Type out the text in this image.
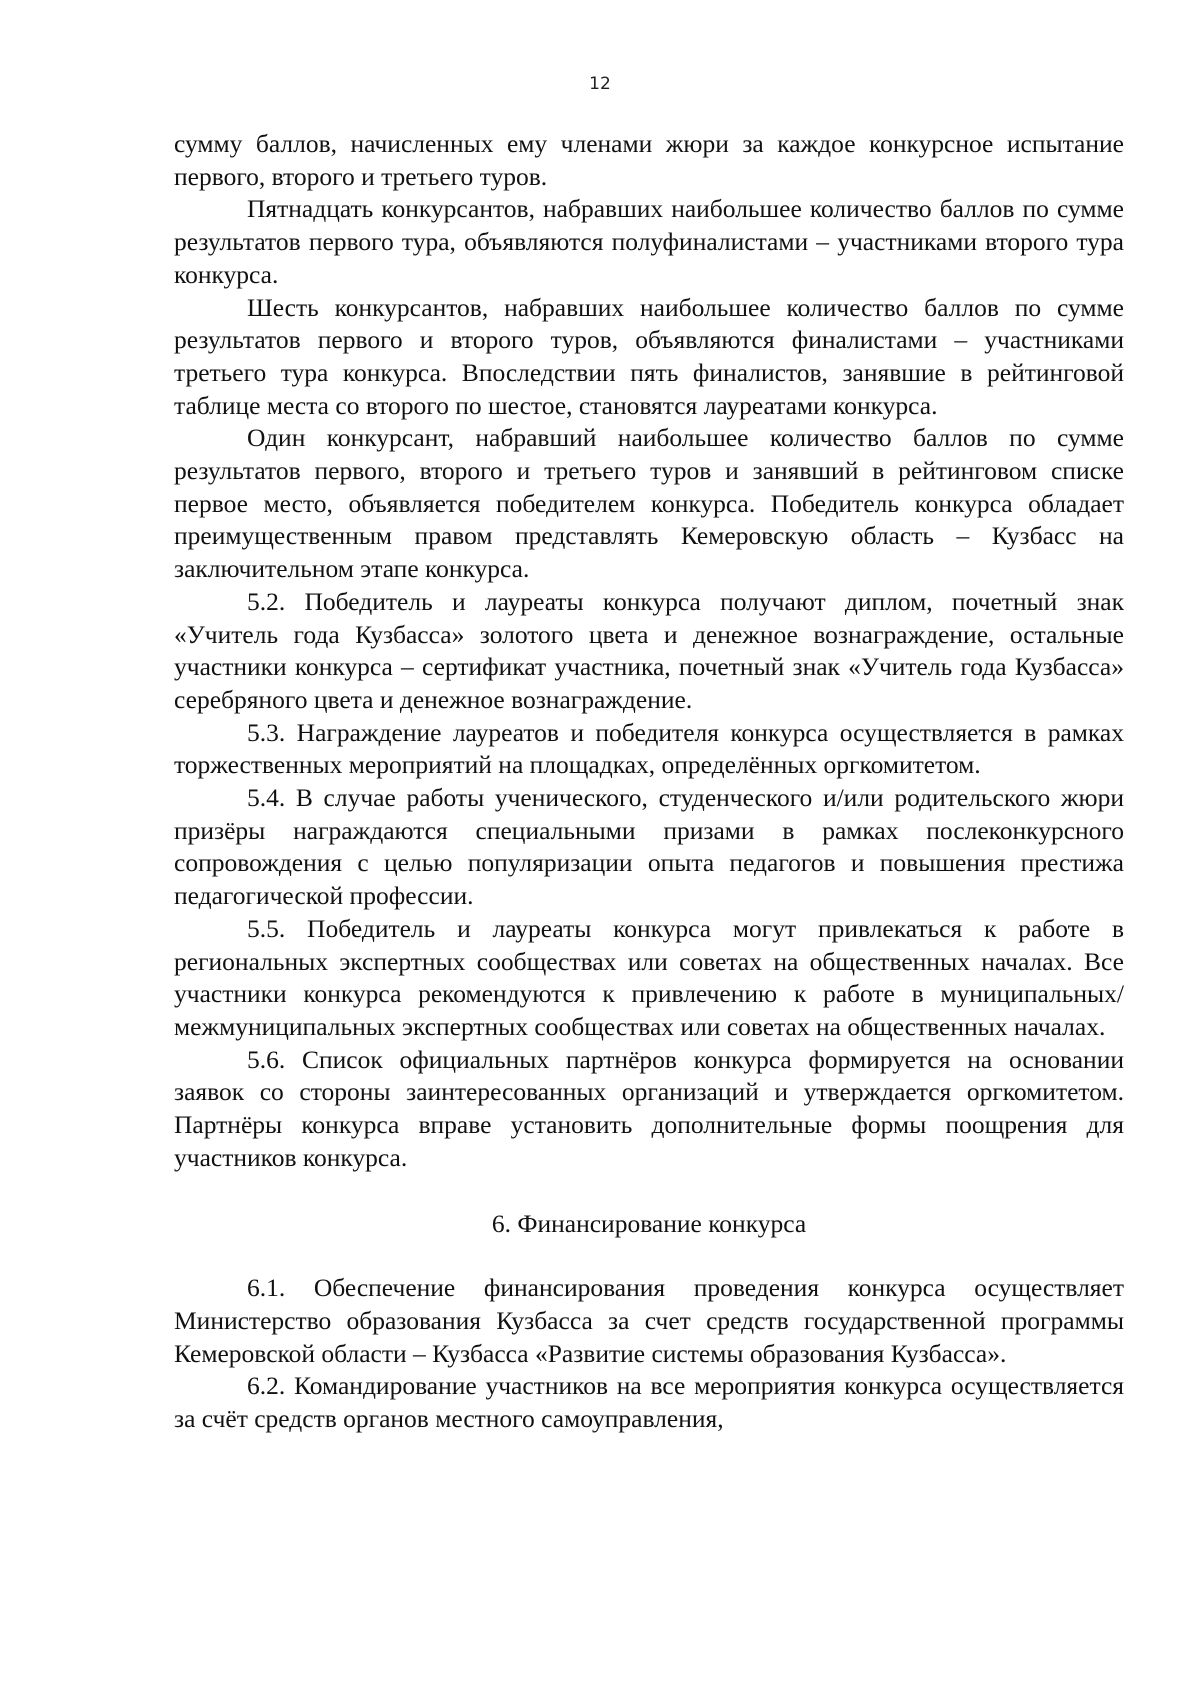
12

сумму баллов, начисленных ему членами жюри за каждое конкурсное испытание первого, второго и третьего туров.

Пятнадцать конкурсантов, набравших наибольшее количество баллов по сумме результатов первого тура, объявляются полуфиналистами – участниками второго тура конкурса.

Шесть конкурсантов, набравших наибольшее количество баллов по сумме результатов первого и второго туров, объявляются финалистами – участниками третьего тура конкурса. Впоследствии пять финалистов, занявшие в рейтинговой таблице места со второго по шестое, становятся лауреатами конкурса.

Один конкурсант, набравший наибольшее количество баллов по сумме результатов первого, второго и третьего туров и занявший в рейтинговом списке первое место, объявляется победителем конкурса. Победитель конкурса обладает преимущественным правом представлять Кемеровскую область – Кузбасс на заключительном этапе конкурса.

5.2. Победитель и лауреаты конкурса получают диплом, почетный знак «Учитель года Кузбасса» золотого цвета и денежное вознаграждение, остальные участники конкурса – сертификат участника, почетный знак «Учитель года Кузбасса» серебряного цвета и денежное вознаграждение.

5.3. Награждение лауреатов и победителя конкурса осуществляется в рамках торжественных мероприятий на площадках, определённых оргкомитетом.

5.4. В случае работы ученического, студенческого и/или родительского жюри призёры награждаются специальными призами в рамках послеконкурсного сопровождения с целью популяризации опыта педагогов и повышения престижа педагогической профессии.

5.5. Победитель и лауреаты конкурса могут привлекаться к работе в региональных экспертных сообществах или советах на общественных началах. Все участники конкурса рекомендуются к привлечению к работе в муниципальных/ межмуниципальных экспертных сообществах или советах на общественных началах.

5.6. Список официальных партнёров конкурса формируется на основании заявок со стороны заинтересованных организаций и утверждается оргкомитетом. Партнёры конкурса вправе установить дополнительные формы поощрения для участников конкурса.

6. Финансирование конкурса

6.1. Обеспечение финансирования проведения конкурса осуществляет Министерство образования Кузбасса за счет средств государственной программы Кемеровской области – Кузбасса «Развитие системы образования Кузбасса».

6.2. Командирование участников на все мероприятия конкурса осуществляется за счёт средств органов местного самоуправления,
